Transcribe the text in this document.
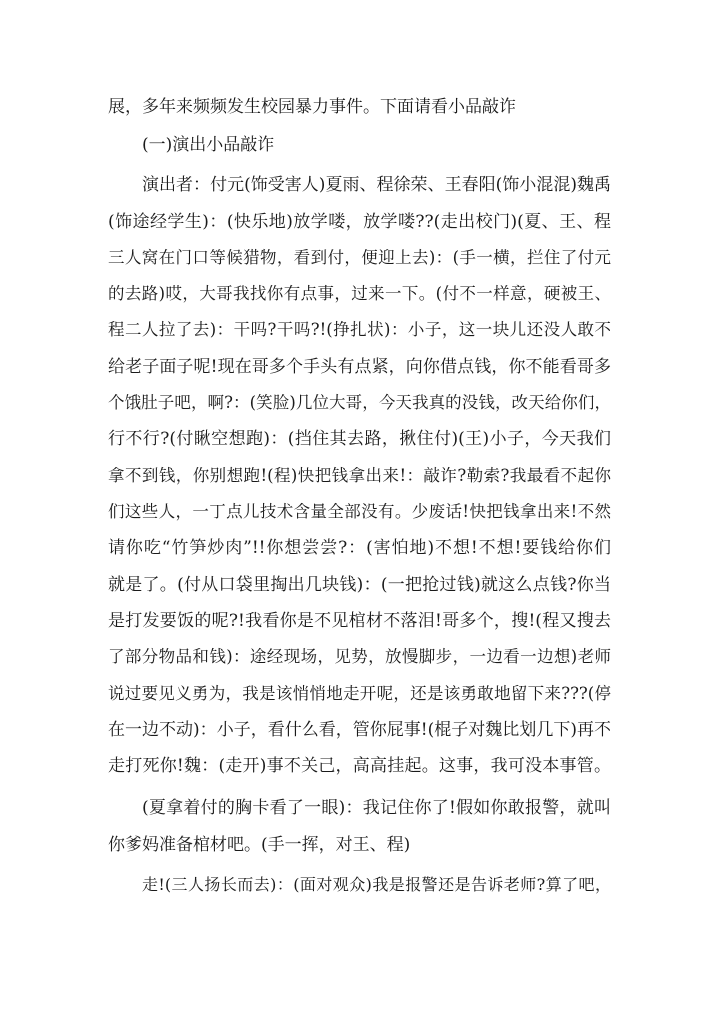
展，多年来频频发生校园暴力事件。下面请看小品敲诈
(一)演出小品敲诈
演出者：付元(饰受害人)夏雨、程徐荣、王春阳(饰小混混)魏禹
(饰途经学生)：(快乐地)放学喽，放学喽??(走出校门)(夏、王、程
三人窝在门口等候猎物，看到付，便迎上去)：(手一横，拦住了付元
的去路)哎，大哥我找你有点事，过来一下。(付不一样意，硬被王、
程二人拉了去)：干吗?干吗?!(挣扎状)：小子，这一块儿还没人敢不
给老子面子呢!现在哥多个手头有点紧，向你借点钱，你不能看哥多
个饿肚子吧，啊?：(笑脸)几位大哥，今天我真的没钱，改天给你们，
行不行?(付瞅空想跑)：(挡住其去路，揪住付)(王)小子，今天我们
拿不到钱，你别想跑!(程)快把钱拿出来!：敲诈?勒索?我最看不起你
们这些人，一丁点儿技术含量全部没有。少废话!快把钱拿出来!不然
请你吃“竹笋炒肉”!!你想尝尝?：(害怕地)不想!不想!要钱给你们
就是了。(付从口袋里掏出几块钱)：(一把抢过钱)就这么点钱?你当
是打发要饭的呢?!我看你是不见棺材不落泪!哥多个，搜!(程又搜去
了部分物品和钱)：途经现场，见势，放慢脚步，一边看一边想)老师
说过要见义勇为，我是该悄悄地走开呢，还是该勇敢地留下来???(停
在一边不动)：小子，看什么看，管你屁事!(棍子对魏比划几下)再不
走打死你!魏：(走开)事不关己，高高挂起。这事，我可没本事管。
(夏拿着付的胸卡看了一眼)：我记住你了!假如你敢报警，就叫
你爹妈准备棺材吧。(手一挥，对王、程)
走!(三人扬长而去)：(面对观众)我是报警还是告诉老师?算了吧，
